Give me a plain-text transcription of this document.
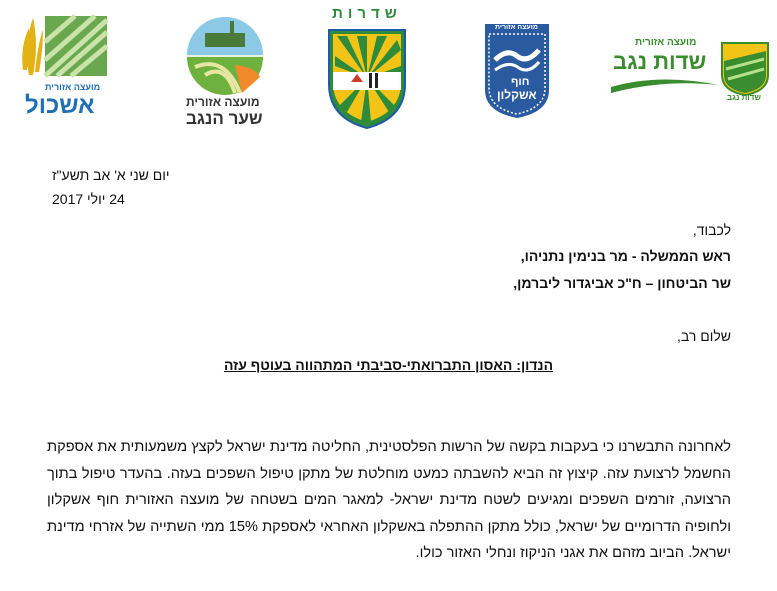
מועצה אזורית
אשכול	מועצה אזורית
שער הנגב
שדרות
מועצה אזורית
חוף
אשקלון
מועצה אזורית
שדות נגב
שדות נגב
יום שני א' אב תשע"ז
24 יולי 2017
לכבוד,
ראש הממשלה - מר בנימין נתניהו,
שר הביטחון – ח"כ אביגדור ליברמן,
שלום רב,
הנדון: האסון התברואתי-סביבתי המתהווה בעוטף עזה
לאחרונה התבשרנו כי בעקבות בקשה של הרשות הפלסטינית, החליטה מדינת ישראל לקצץ משמעותית את אספקת החשמל לרצועת עזה. קיצוץ זה הביא להשבתה כמעט מוחלטת של מתקן טיפול השפכים בעזה. בהעדר טיפול בתוך הרצועה, זורמים השפכים ומגיעים לשטח מדינת ישראל- למאגר המים בשטחה של מועצה האזורית חוף אשקלון ולחופיה הדרומיים של ישראל, כולל מתקן ההתפלה באשקלון האחראי לאספקת 15% ממי השתייה של אזרחי מדינת ישראל. הביוב מזהם את אגני הניקוז ונחלי האזור כולו.
